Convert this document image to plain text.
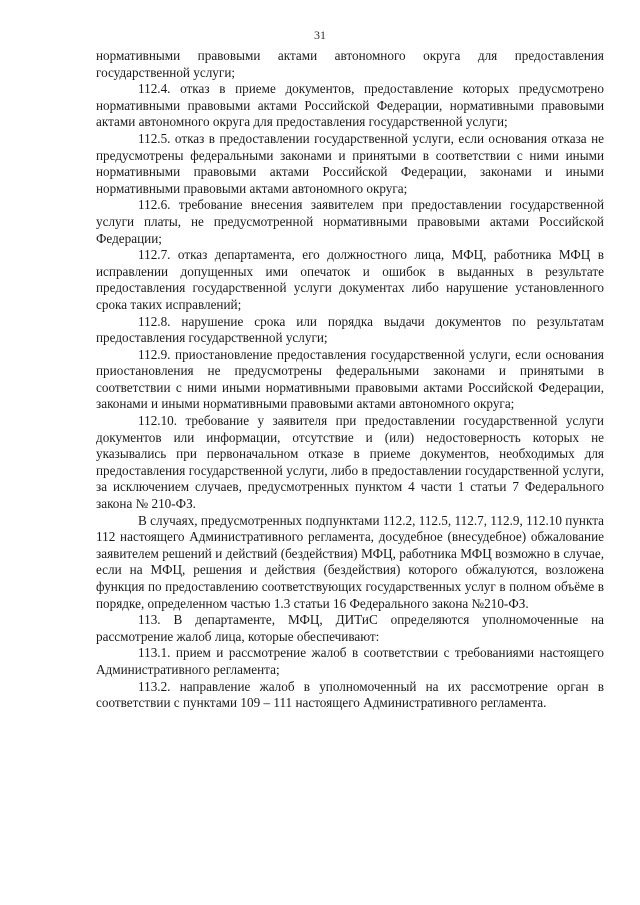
31

нормативными правовыми актами автономного округа для предоставления государственной услуги;

112.4. отказ в приеме документов, предоставление которых предусмотрено нормативными правовыми актами Российской Федерации, нормативными правовыми актами автономного округа для предоставления государственной услуги;

112.5. отказ в предоставлении государственной услуги, если основания отказа не предусмотрены федеральными законами и принятыми в соответствии с ними иными нормативными правовыми актами Российской Федерации, законами и иными нормативными правовыми актами автономного округа;

112.6. требование внесения заявителем при предоставлении государственной услуги платы, не предусмотренной нормативными правовыми актами Российской Федерации;

112.7. отказ департамента, его должностного лица, МФЦ, работника МФЦ в исправлении допущенных ими опечаток и ошибок в выданных в результате предоставления государственной услуги документах либо нарушение установленного срока таких исправлений;

112.8. нарушение срока или порядка выдачи документов по результатам предоставления государственной услуги;

112.9. приостановление предоставления государственной услуги, если основания приостановления не предусмотрены федеральными законами и принятыми в соответствии с ними иными нормативными правовыми актами Российской Федерации, законами и иными нормативными правовыми актами автономного округа;

112.10. требование у заявителя при предоставлении государственной услуги документов или информации, отсутствие и (или) недостоверность которых не указывались при первоначальном отказе в приеме документов, необходимых для предоставления государственной услуги, либо в предоставлении государственной услуги, за исключением случаев, предусмотренных пунктом 4 части 1 статьи 7 Федерального закона № 210-ФЗ.

В случаях, предусмотренных подпунктами 112.2, 112.5, 112.7, 112.9, 112.10 пункта 112 настоящего Административного регламента, досудебное (внесудебное) обжалование заявителем решений и действий (бездействия) МФЦ, работника МФЦ возможно в случае, если на МФЦ, решения и действия (бездействия) которого обжалуются, возложена функция по предоставлению соответствующих государственных услуг в полном объёме в порядке, определенном частью 1.3 статьи 16 Федерального закона №210-ФЗ.

113. В департаменте, МФЦ, ДИТиС определяются уполномоченные на рассмотрение жалоб лица, которые обеспечивают:

113.1. прием и рассмотрение жалоб в соответствии с требованиями настоящего Административного регламента;

113.2. направление жалоб в уполномоченный на их рассмотрение орган в соответствии с пунктами 109 – 111 настоящего Административного регламента.
